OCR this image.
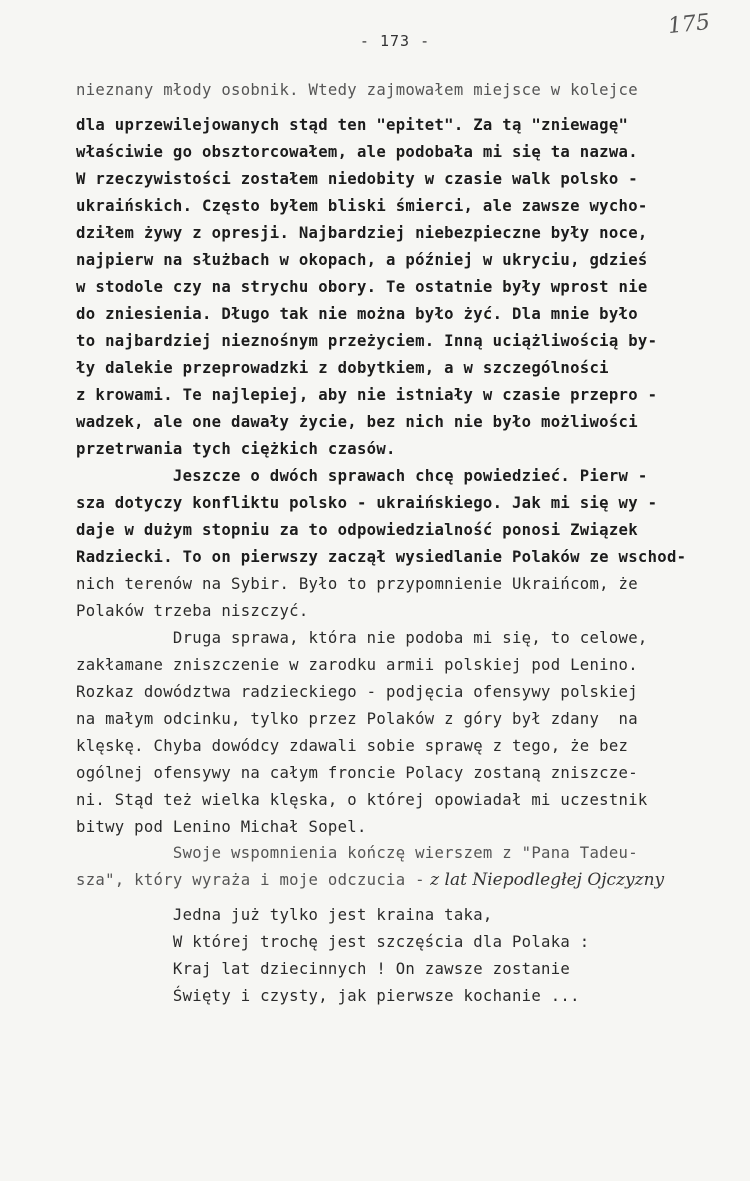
175
- 173 -
nieznany młody osobnik. Wtedy zajmowałem miejsce w kolejce
dla uprzewilejowanych stąd ten "epitet". Za tą "zniewagę"
właściwie go obsztorcowałem, ale podobała mi się ta nazwa.
W rzeczywistości zostałem niedobity w czasie walk polsko -
ukraińskich. Często byłem bliski śmierci, ale zawsze wycho-
dziłem żywy z opresji. Najbardziej niebezpieczne były noce,
najpierw na służbach w okopach, a później w ukryciu, gdzieś
w stodole czy na strychu obory. Te ostatnie były wprost nie
do zniesienia. Długo tak nie można było żyć. Dla mnie było
to najbardziej nieznośnym przeżyciem. Inną uciążliwością by-
ły dalekie przeprowadzki z dobytkiem, a w szczególności
z krowami. Te najlepiej, aby nie istniały w czasie przepro -
wadzek, ale one dawały życie, bez nich nie było możliwości
przetrwania tych ciężkich czasów.
Jeszcze o dwóch sprawach chcę powiedzieć. Pierw -
sza dotyczy konfliktu polsko - ukraińskiego. Jak mi się wy -
daje w dużym stopniu za to odpowiedzialność ponosi Związek
Radziecki. To on pierwszy zaczął wysiedlanie Polaków ze wschod-
nich terenów na Sybir. Było to przypomnienie Ukraińcom, że
Polaków trzeba niszczyć.
Druga sprawa, która nie podoba mi się, to celowe,
zakłamane zniszczenie w zarodku armii polskiej pod Lenino.
Rozkaz dowództwa radzieckiego - podjęcia ofensywy polskiej
na małym odcinku, tylko przez Polaków z góry był zdany  na
klęskę. Chyba dowódcy zdawali sobie sprawę z tego, że bez
ogólnej ofensywy na całym froncie Polacy zostaną zniszcze-
ni. Stąd też wielka klęska, o której opowiadał mi uczestnik
bitwy pod Lenino Michał Sopel.
Swoje wspomnienia kończę wierszem z "Pana Tadeu-
sza", który wyraża i moje odczucia - z lat Niepodległej Ojczyzny
Jedna już tylko jest kraina taka,
W której trochę jest szczęścia dla Polaka :
Kraj lat dziecinnych ! On zawsze zostanie
Święty i czysty, jak pierwsze kochanie ...
